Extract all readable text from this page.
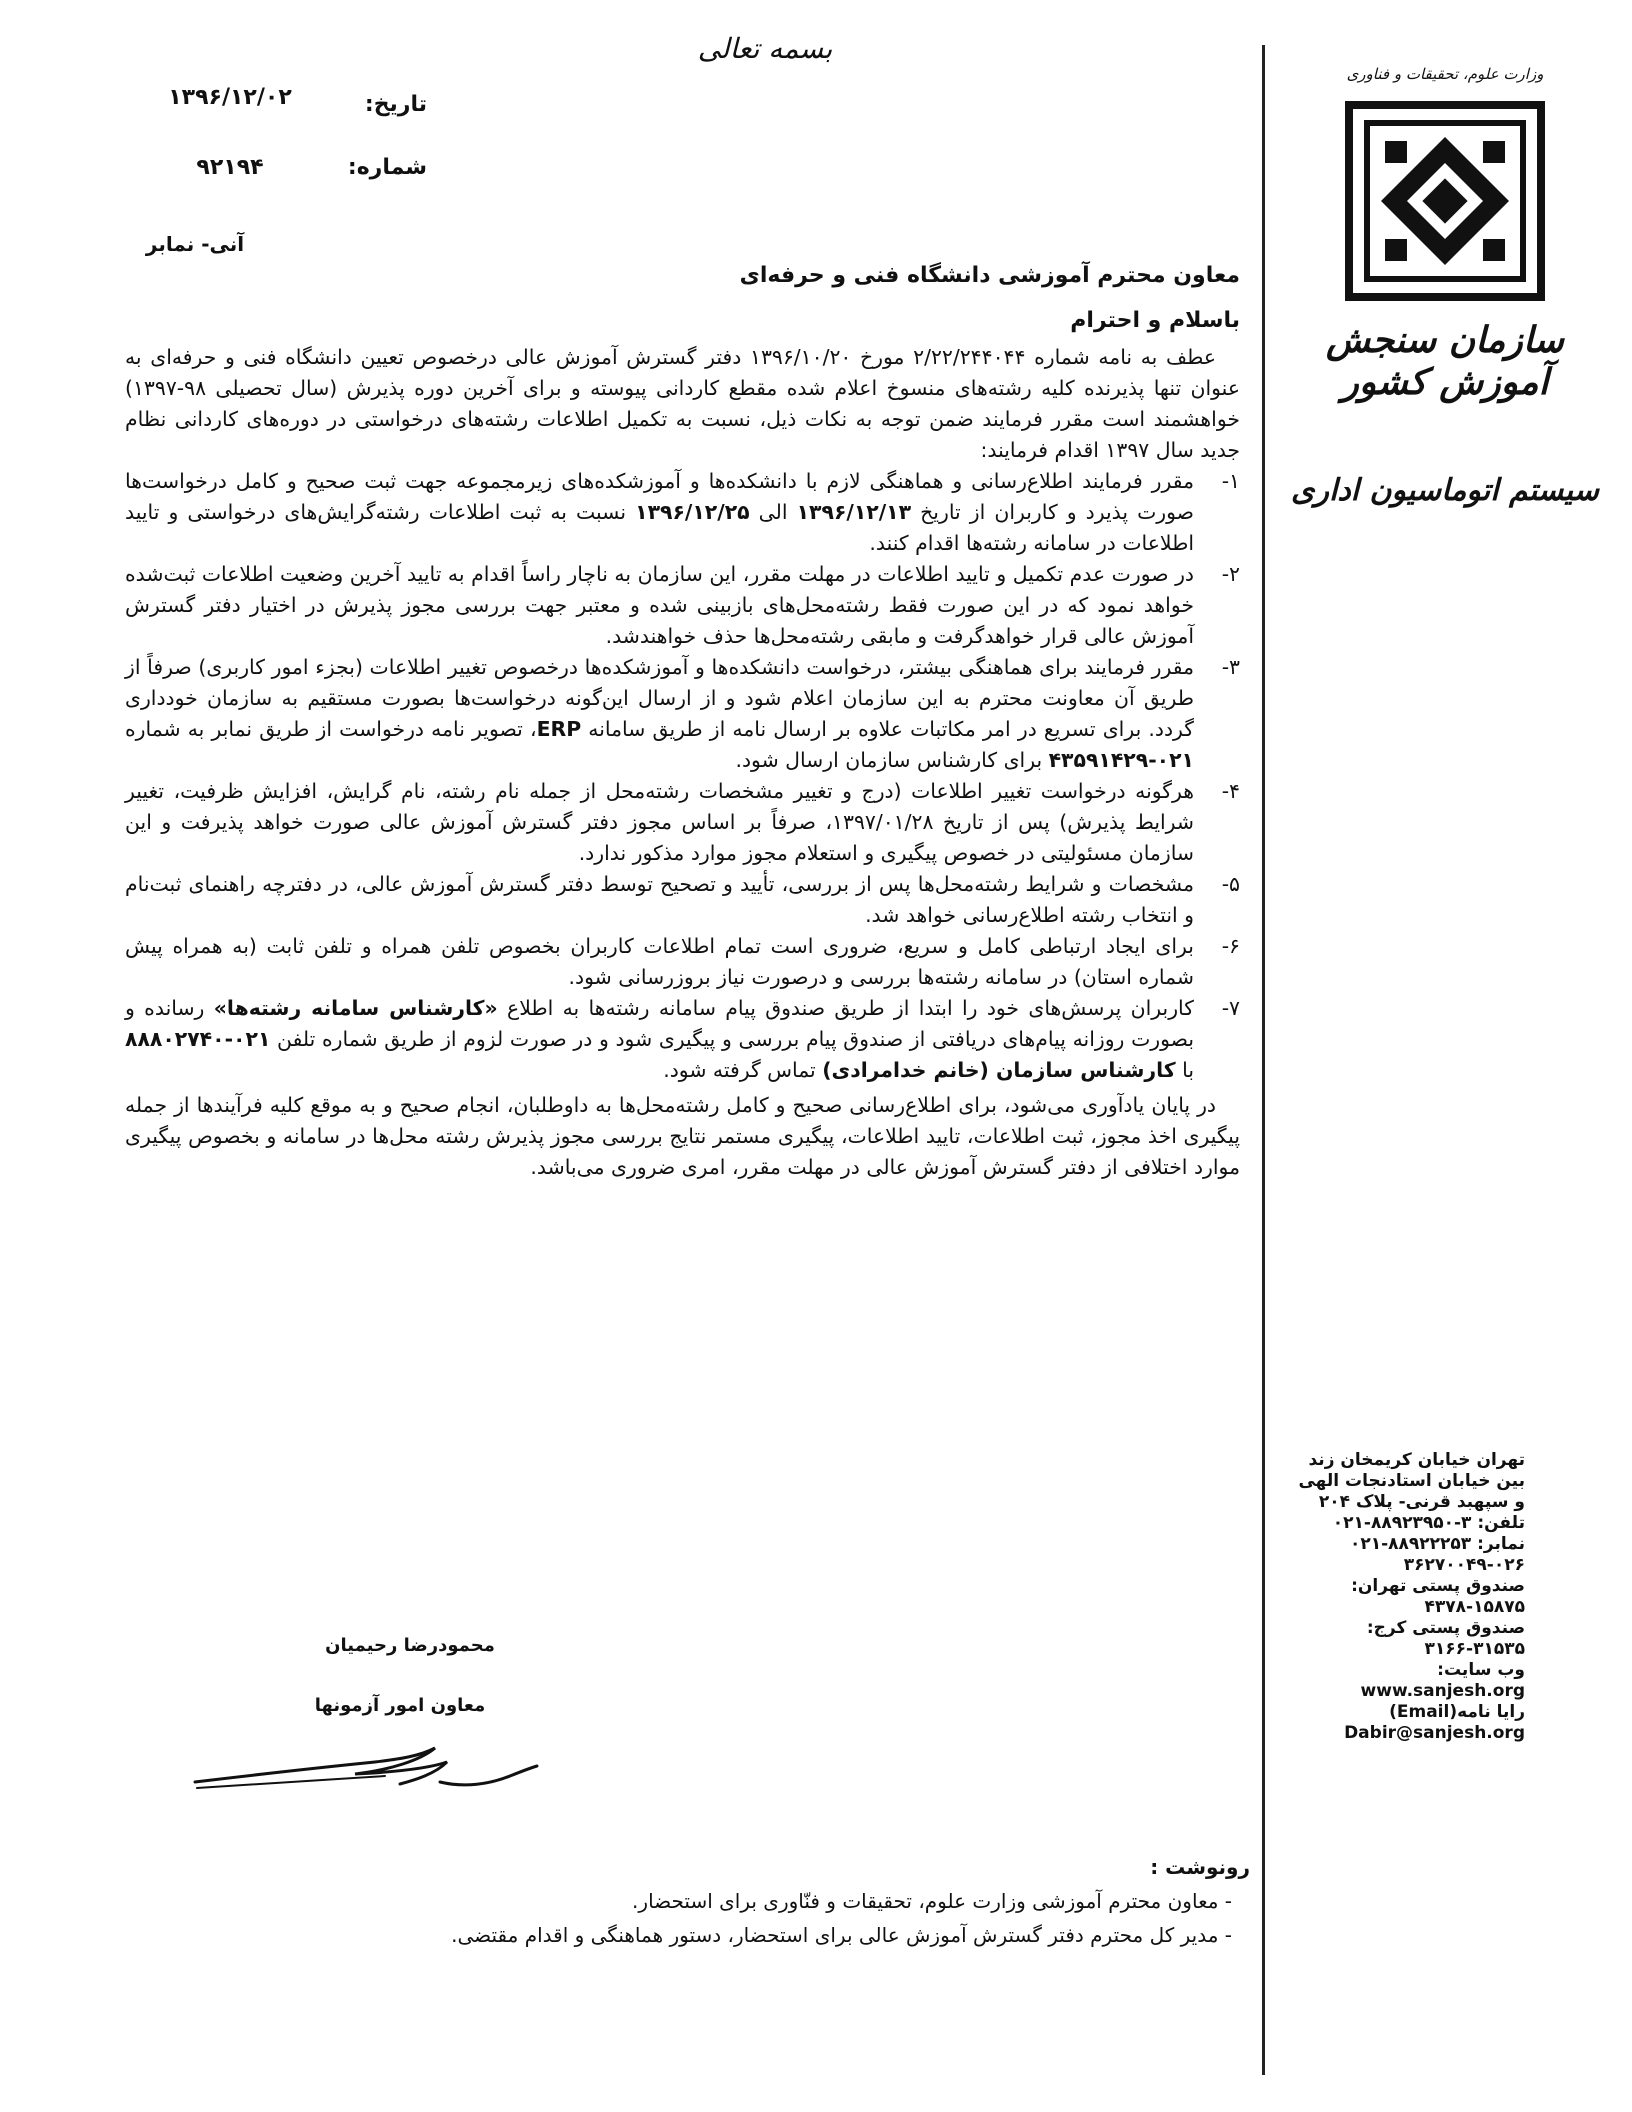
بسمه تعالی
تاریخ:
۱۳۹۶/۱۲/۰۲
شماره:
۹۲۱۹۴
آنی- نمابر
وزارت علوم، تحقیقات و فناوری
سازمان سنجش آموزش کشور
سیستم اتوماسیون اداری
تهران خیابان کریمخان زند
بین خیابان استادنجات الهی
و سپهبد قرنی- پلاک ۲۰۴
تلفن: ۳-۸۸۹۲۳۹۵۰-۰۲۱
نمابر: ۸۸۹۲۲۲۵۳-۰۲۱
۳۶۲۷۰۰۴۹-۰۲۶
صندوق پستی تهران:
۴۳۷۸-۱۵۸۷۵
صندوق پستی کرج:
۳۱۶۶-۳۱۵۳۵
وب سایت:
www.sanjesh.org
رایا نامه(Email)
Dabir@sanjesh.org
معاون محترم آموزشی دانشگاه فنی و حرفه‌ای
باسلام و احترام
عطف به نامه شماره ۲/۲۲/۲۴۴۰۴۴ مورخ ۱۳۹۶/۱۰/۲۰ دفتر گسترش آموزش عالی درخصوص تعیین دانشگاه فنی و حرفه‌ای به عنوان تنها پذیرنده کلیه رشته‌های منسوخ اعلام شده مقطع کاردانی پیوسته و برای آخرین دوره پذیرش (سال تحصیلی ۹۸-۱۳۹۷) خواهشمند است مقرر فرمایند ضمن توجه به نکات ذیل، نسبت به تکمیل اطلاعات رشته‌های درخواستی در دوره‌های کاردانی نظام جدید سال ۱۳۹۷ اقدام فرمایند:
۱-
مقرر فرمایند اطلاع‌رسانی و هماهنگی لازم با دانشکده‌ها و آموزشکده‌های زیرمجموعه جهت ثبت صحیح و کامل درخواست‌ها صورت پذیرد و کاربران از تاریخ ۱۳۹۶/۱۲/۱۳ الی ۱۳۹۶/۱۲/۲۵ نسبت به ثبت اطلاعات رشته‌گرایش‌های درخواستی و تایید اطلاعات در سامانه رشته‌ها اقدام کنند.
۲-
در صورت عدم تکمیل و تایید اطلاعات در مهلت مقرر، این سازمان به ناچار راساً اقدام به تایید آخرین وضعیت اطلاعات ثبت‌شده خواهد نمود که در این صورت فقط رشته‌محل‌های بازبینی شده و معتبر جهت بررسی مجوز پذیرش در اختیار دفتر گسترش آموزش عالی قرار خواهدگرفت و مابقی رشته‌محل‌ها حذف خواهندشد.
۳-
مقرر فرمایند برای هماهنگی بیشتر، درخواست دانشکده‌ها و آموزشکده‌ها درخصوص تغییر اطلاعات (بجزء امور کاربری) صرفاً از طریق آن معاونت محترم به این سازمان اعلام شود و از ارسال این‌گونه درخواست‌ها بصورت مستقیم به سازمان خودداری گردد. برای تسریع در امر مکاتبات علاوه بر ارسال نامه از طریق سامانه ERP، تصویر نامه درخواست از طریق نمابر به شماره ۰۲۱-۴۳۵۹۱۴۲۹ برای کارشناس سازمان ارسال شود.
۴-
هرگونه درخواست تغییر اطلاعات (درج و تغییر مشخصات رشته‌محل از جمله نام رشته، نام گرایش، افزایش ظرفیت، تغییر شرایط پذیرش) پس از تاریخ ۱۳۹۷/۰۱/۲۸، صرفاً بر اساس مجوز دفتر گسترش آموزش عالی صورت خواهد پذیرفت و این سازمان مسئولیتی در خصوص پیگیری و استعلام مجوز موارد مذکور ندارد.
۵-
مشخصات و شرایط رشته‌محل‌ها پس از بررسی، تأیید و تصحیح توسط دفتر گسترش آموزش عالی، در دفترچه راهنمای ثبت‌نام و انتخاب رشته اطلاع‌رسانی خواهد شد.
۶-
برای ایجاد ارتباطی کامل و سریع، ضروری است تمام اطلاعات کاربران بخصوص تلفن همراه و تلفن ثابت (به همراه پیش شماره استان) در سامانه رشته‌ها بررسی و درصورت نیاز بروزرسانی شود.
۷-
کاربران پرسش‌های خود را ابتدا از طریق صندوق پیام سامانه رشته‌ها به اطلاع «کارشناس سامانه رشته‌ها» رسانده و بصورت روزانه پیام‌های دریافتی از صندوق پیام بررسی و پیگیری شود و در صورت لزوم از طریق شماره تلفن ۰۲۱-۸۸۸۰۲۷۴۰ با کارشناس سازمان (خانم خدامرادی) تماس گرفته شود.
در پایان یادآوری می‌شود، برای اطلاع‌رسانی صحیح و کامل رشته‌محل‌ها به داوطلبان، انجام صحیح و به موقع کلیه فرآیندها از جمله پیگیری اخذ مجوز، ثبت اطلاعات، تایید اطلاعات، پیگیری مستمر نتایج بررسی مجوز پذیرش رشته محل‌ها در سامانه و بخصوص پیگیری موارد اختلافی از دفتر گسترش آموزش عالی در مهلت مقرر، امری ضروری می‌باشد.
محمودرضا رحیمیان
معاون امور آزمونها
رونوشت :
- معاون محترم آموزشی وزارت علوم، تحقیقات و فنّاوری برای استحضار.
- مدیر کل محترم دفتر گسترش آموزش عالی برای استحضار، دستور هماهنگی و اقدام مقتضی.
